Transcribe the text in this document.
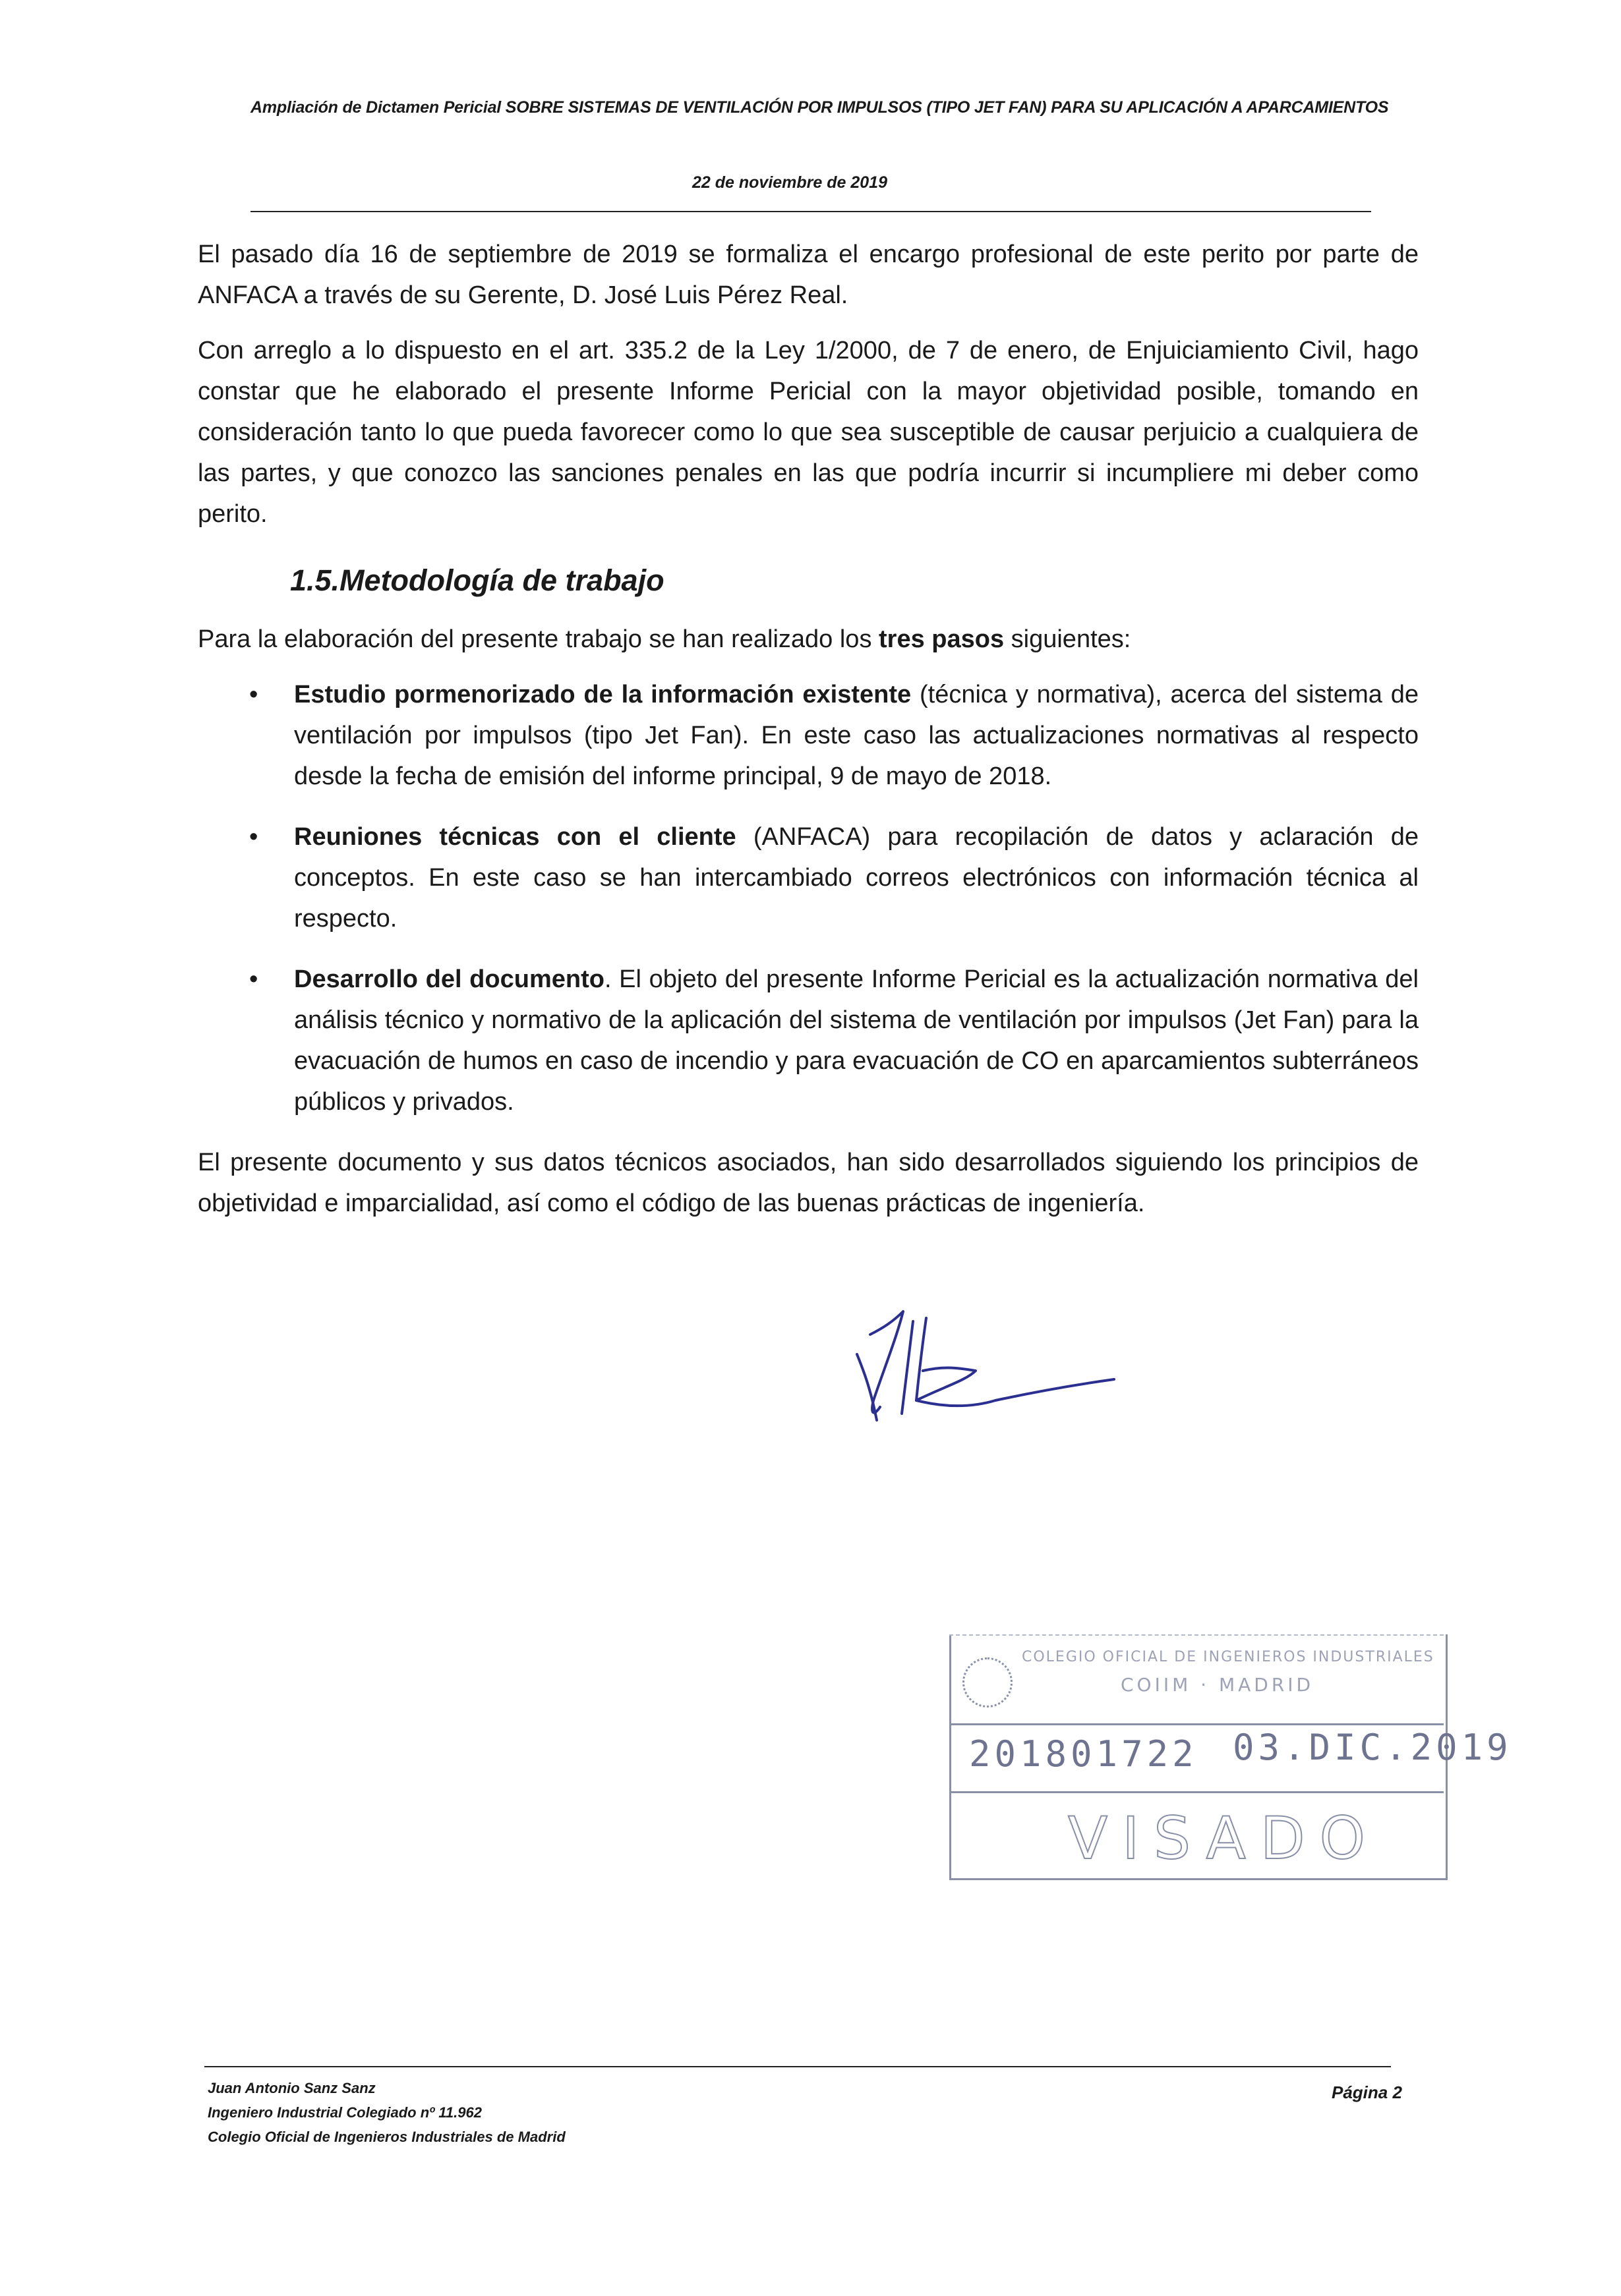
Ampliación de Dictamen Pericial SOBRE SISTEMAS DE VENTILACIÓN POR IMPULSOS (TIPO JET FAN) PARA SU APLICACIÓN A APARCAMIENTOS
22 de noviembre de 2019

El pasado día 16 de septiembre de 2019 se formaliza el encargo profesional de este perito por parte de ANFACA a través de su Gerente, D. José Luis Pérez Real.

Con arreglo a lo dispuesto en el art. 335.2 de la Ley 1/2000, de 7 de enero, de Enjuiciamiento Civil, hago constar que he elaborado el presente Informe Pericial con la mayor objetividad posible, tomando en consideración tanto lo que pueda favorecer como lo que sea susceptible de causar perjuicio a cualquiera de las partes, y que conozco las sanciones penales en las que podría incurrir si incumpliere mi deber como perito.

1.5.Metodología de trabajo

Para la elaboración del presente trabajo se han realizado los tres pasos siguientes:

• Estudio pormenorizado de la información existente (técnica y normativa), acerca del sistema de ventilación por impulsos (tipo Jet Fan). En este caso las actualizaciones normativas al respecto desde la fecha de emisión del informe principal, 9 de mayo de 2018.
• Reuniones técnicas con el cliente (ANFACA) para recopilación de datos y aclaración de conceptos. En este caso se han intercambiado correos electrónicos con información técnica al respecto.
• Desarrollo del documento. El objeto del presente Informe Pericial es la actualización normativa del análisis técnico y normativo de la aplicación del sistema de ventilación por impulsos (Jet Fan) para la evacuación de humos en caso de incendio y para evacuación de CO en aparcamientos subterráneos públicos y privados.

El presente documento y sus datos técnicos asociados, han sido desarrollados siguiendo los principios de objetividad e imparcialidad, así como el código de las buenas prácticas de ingeniería.

COLEGIO OFICIAL DE INGENIEROS INDUSTRIALES
COIIM · MADRID
201801722 03.DIC.2019
VISADO
Juan Antonio Sanz Sanz
Ingeniero Industrial Colegiado nº 11.962
Colegio Oficial de Ingenieros Industriales de Madrid
Página 2
